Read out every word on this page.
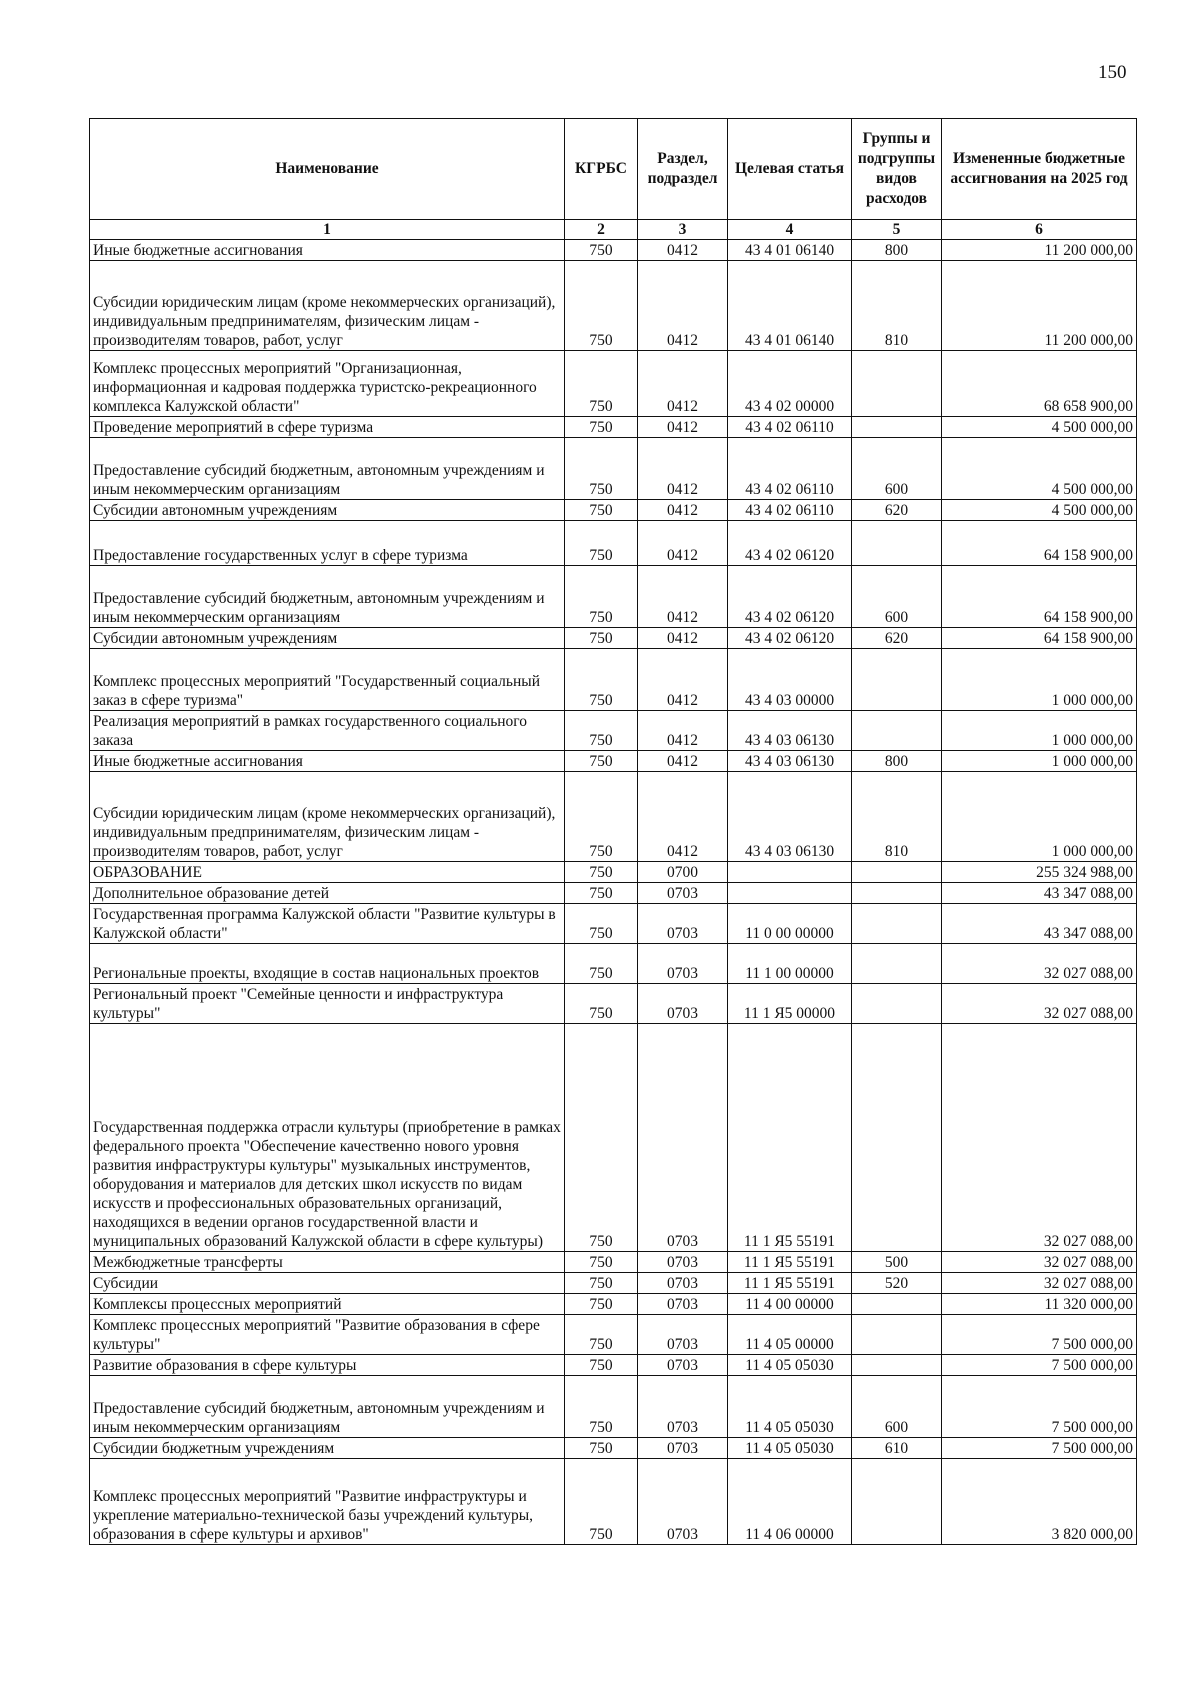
150
Наименование	КГРБС	Раздел, подраздел	Целевая статья	Группы и подгруппы видов расходов	Измененные бюджетные ассигнования на 2025 год
1	2	3	4	5	6
Иные бюджетные ассигнования	750	0412	43 4 01 06140	800	11 200 000,00
Субсидии юридическим лицам (кроме некоммерческих организаций), индивидуальным предпринимателям, физическим лицам - производителям товаров, работ, услуг	750	0412	43 4 01 06140	810	11 200 000,00
Комплекс процессных мероприятий "Организационная, информационная и кадровая поддержка туристско-рекреационного комплекса Калужской области"	750	0412	43 4 02 00000		68 658 900,00
Проведение мероприятий в сфере туризма	750	0412	43 4 02 06110		4 500 000,00
Предоставление субсидий бюджетным, автономным учреждениям и иным некоммерческим организациям	750	0412	43 4 02 06110	600	4 500 000,00
Субсидии автономным учреждениям	750	0412	43 4 02 06110	620	4 500 000,00
Предоставление государственных услуг в сфере туризма	750	0412	43 4 02 06120		64 158 900,00
Предоставление субсидий бюджетным, автономным учреждениям и иным некоммерческим организациям	750	0412	43 4 02 06120	600	64 158 900,00
Субсидии автономным учреждениям	750	0412	43 4 02 06120	620	64 158 900,00
Комплекс процессных мероприятий "Государственный социальный заказ в сфере туризма"	750	0412	43 4 03 00000		1 000 000,00
Реализация мероприятий в рамках государственного социального заказа	750	0412	43 4 03 06130		1 000 000,00
Иные бюджетные ассигнования	750	0412	43 4 03 06130	800	1 000 000,00
Субсидии юридическим лицам (кроме некоммерческих организаций), индивидуальным предпринимателям, физическим лицам - производителям товаров, работ, услуг	750	0412	43 4 03 06130	810	1 000 000,00
ОБРАЗОВАНИЕ	750	0700			255 324 988,00
Дополнительное образование детей	750	0703			43 347 088,00
Государственная программа Калужской области "Развитие культуры в Калужской области"	750	0703	11 0 00 00000		43 347 088,00
Региональные проекты, входящие в состав национальных проектов	750	0703	11 1 00 00000		32 027 088,00
Региональный проект "Семейные ценности и инфраструктура культуры"	750	0703	11 1 Я5 00000		32 027 088,00
Государственная поддержка отрасли культуры (приобретение в рамках федерального проекта "Обеспечение качественно нового уровня развития инфраструктуры культуры" музыкальных инструментов, оборудования и материалов для детских школ искусств по видам искусств и профессиональных образовательных организаций, находящихся в ведении органов государственной власти и муниципальных образований Калужской области в сфере культуры)	750	0703	11 1 Я5 55191		32 027 088,00
Межбюджетные трансферты	750	0703	11 1 Я5 55191	500	32 027 088,00
Субсидии	750	0703	11 1 Я5 55191	520	32 027 088,00
Комплексы процессных мероприятий	750	0703	11 4 00 00000		11 320 000,00
Комплекс процессных мероприятий "Развитие образования в сфере культуры"	750	0703	11 4 05 00000		7 500 000,00
Развитие образования в сфере культуры	750	0703	11 4 05 05030		7 500 000,00
Предоставление субсидий бюджетным, автономным учреждениям и иным некоммерческим организациям	750	0703	11 4 05 05030	600	7 500 000,00
Субсидии бюджетным учреждениям	750	0703	11 4 05 05030	610	7 500 000,00
Комплекс процессных мероприятий "Развитие инфраструктуры и укрепление материально-технической базы учреждений культуры, образования в сфере культуры и архивов"	750	0703	11 4 06 00000		3 820 000,00
